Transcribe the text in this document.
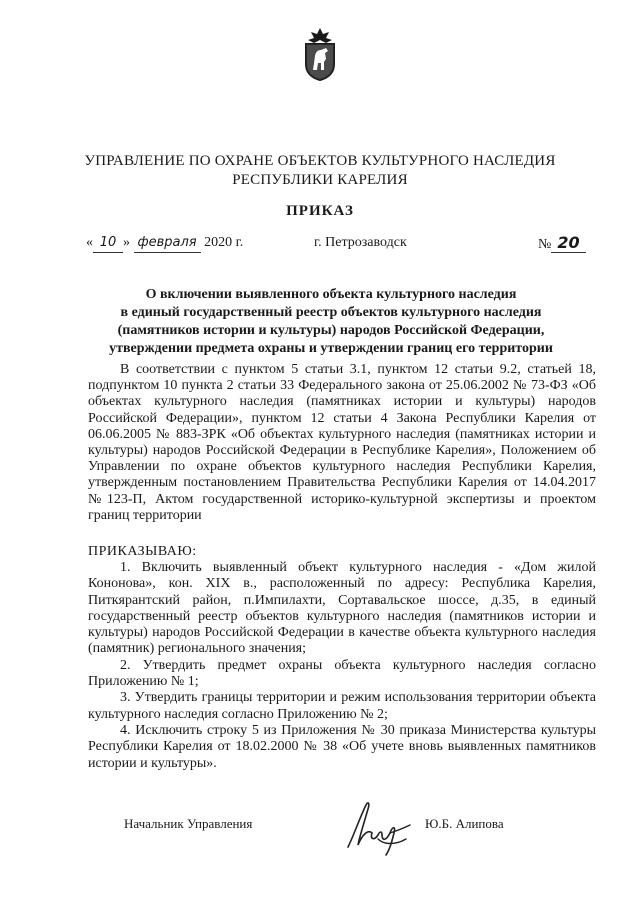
УПРАВЛЕНИЕ ПО ОХРАНЕ ОБЪЕКТОВ КУЛЬТУРНОГО НАСЛЕДИЯ
РЕСПУБЛИКИ КАРЕЛИЯ
ПРИКАЗ
« 10 » февраля 2020 г.	г. Петрозаводск	№ 20
О включении выявленного объекта культурного наследия
в единый государственный реестр объектов культурного наследия
(памятников истории и культуры) народов Российской Федерации,
утверждении предмета охраны и утверждении границ его территории
В соответствии с пунктом 5 статьи 3.1, пунктом 12 статьи 9.2, статьей 18, подпунктом 10 пункта 2 статьи 33 Федерального закона от 25.06.2002 № 73-ФЗ «Об объектах культурного наследия (памятниках истории и культуры) народов Российской Федерации», пунктом 12 статьи 4 Закона Республики Карелия от 06.06.2005 № 883-ЗРК «Об объектах культурного наследия (памятниках истории и культуры) народов Российской Федерации в Республике Карелия», Положением об Управлении по охране объектов культурного наследия Республики Карелия, утвержденным постановлением Правительства Республики Карелия от 14.04.2017 №123-П, Актом государственной историко-культурной экспертизы и проектом границ территории
ПРИКАЗЫВАЮ:

1. Включить выявленный объект культурного наследия - «Дом жилой Кононова», кон. XIX в., расположенный по адресу: Республика Карелия, Питкярантский район, п.Импилахти, Сортавальское шоссе, д.35, в единый государственный реестр объектов культурного наследия (памятников истории и культуры) народов Российской Федерации в качестве объекта культурного наследия (памятник) регионального значения;

2. Утвердить предмет охраны объекта культурного наследия согласно Приложению № 1;

3. Утвердить границы территории и режим использования территории объекта культурного наследия согласно Приложению № 2;

4. Исключить строку 5 из Приложения № 30 приказа Министерства культуры Республики Карелия от 18.02.2000 № 38 «Об учете вновь выявленных памятников истории и культуры».

Начальник Управления	Ю.Б. Алипова
